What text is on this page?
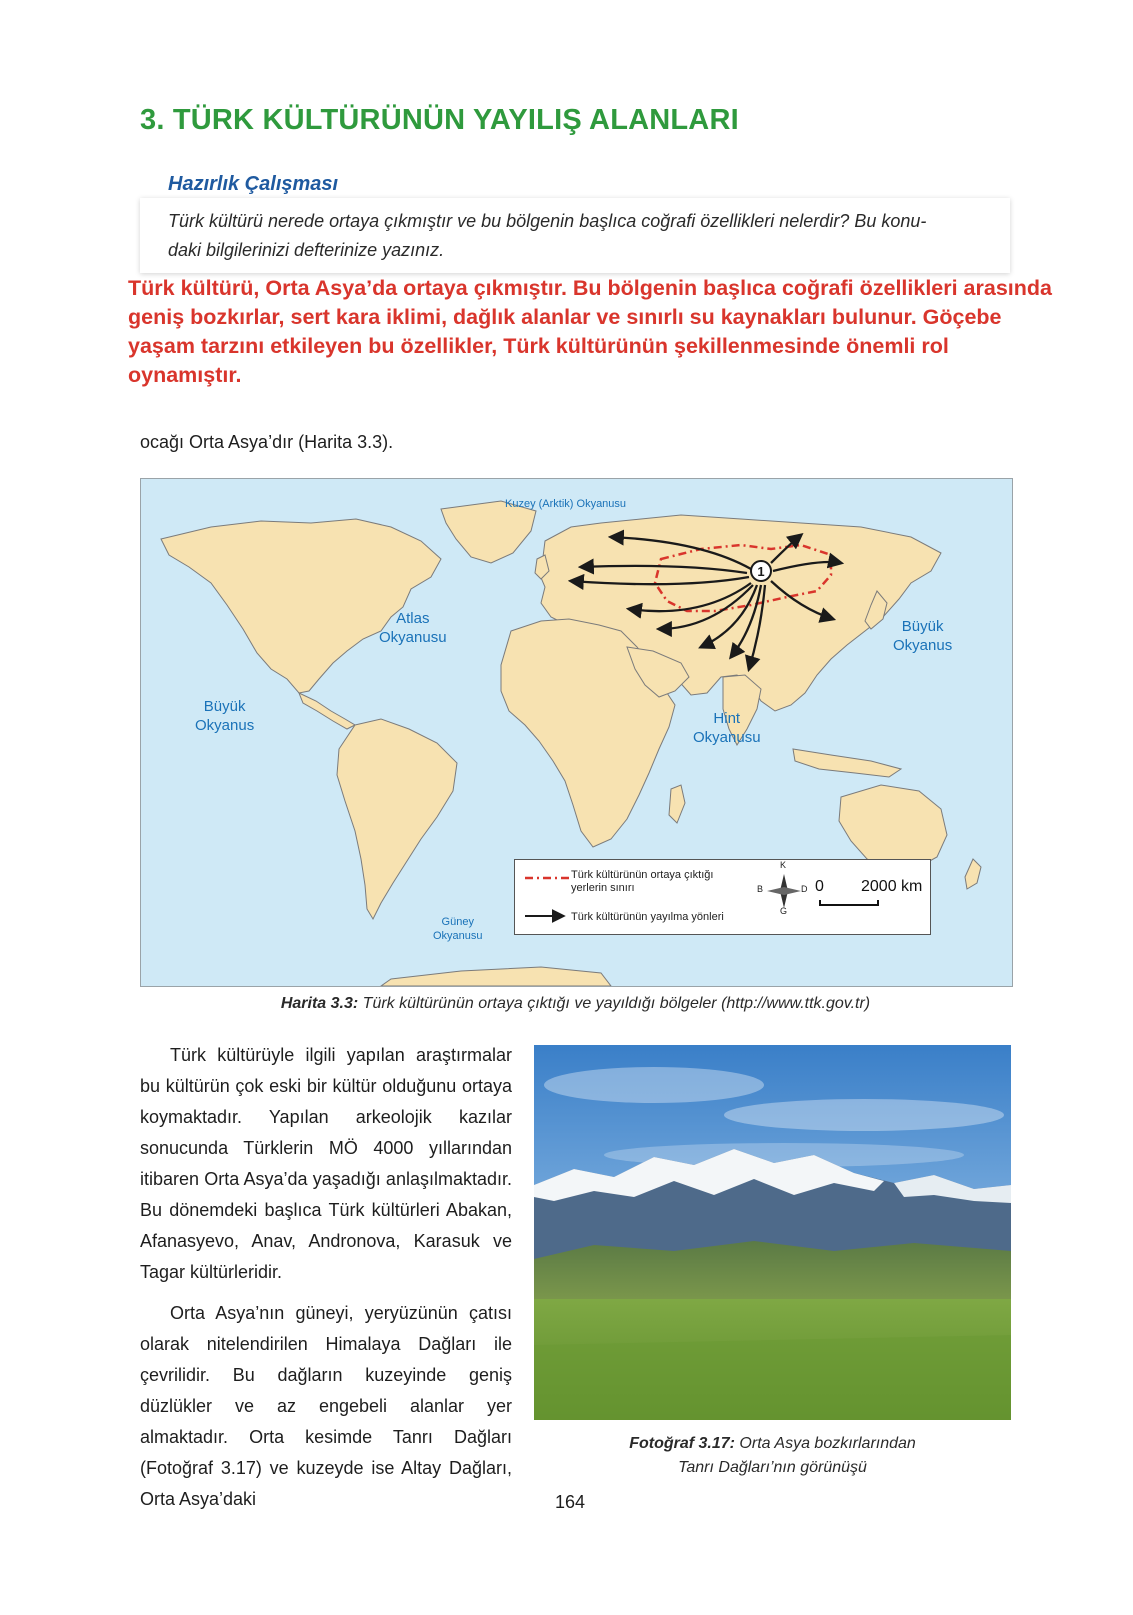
3. TÜRK KÜLTÜRÜNÜN YAYILIŞ ALANLARI
Hazırlık Çalışması
Türk kültürü nerede ortaya çıkmıştır ve bu bölgenin başlıca coğrafi özellikleri nelerdir? Bu konu-
daki bilgilerinizi defterinize yazınız.
Türk kültürü, Orta Asya’da ortaya çıkmıştır. Bu bölgenin başlıca coğrafi özellikleri arasında
geniş bozkırlar, sert kara iklimi, dağlık alanlar ve sınırlı su kaynakları bulunur. Göçebe
yaşam tarzını etkileyen bu özellikler, Türk kültürünün şekillenmesinde önemli rol
oynamıştır.
ocağı Orta Asya’dır (Harita 3.3).
1
Kuzey (Arktik) Okyanusu
Atlas
Okyanusu
Büyük
Okyanus
Büyük
Okyanus	Hint
Okyanusu
Güney
Okyanusu
Türk kültürünün ortaya çıktığı
yerlerin sınırı
Türk kültürünün yayılma yönleri
K
G
D
B	0 2000 km
Harita 3.3: Türk kültürünün ortaya çıktığı ve yayıldığı bölgeler (http://www.ttk.gov.tr)

Türk kültürüyle ilgili yapılan araştırmalar bu kültürün çok eski bir kültür olduğunu ortaya koymaktadır. Yapılan arkeolojik kazılar sonucunda Türklerin MÖ 4000 yıllarından itibaren Orta Asya’da yaşadığı anlaşılmaktadır. Bu dönemdeki başlıca Türk kültürleri Abakan, Afanasyevo, Anav, Andronova, Karasuk ve Tagar kültürleridir.

Orta Asya’nın güneyi, yeryüzünün çatısı olarak nitelendirilen Himalaya Dağları ile çevrilidir. Bu dağların kuzeyinde geniş düzlükler ve az engebeli alanlar yer almaktadır. Orta kesimde Tanrı Dağları (Fotoğraf 3.17) ve kuzeyde ise Altay Dağları, Orta Asya’daki

Fotoğraf 3.17: Orta Asya bozkırlarından
Tanrı Dağları’nın görünüşü
164
